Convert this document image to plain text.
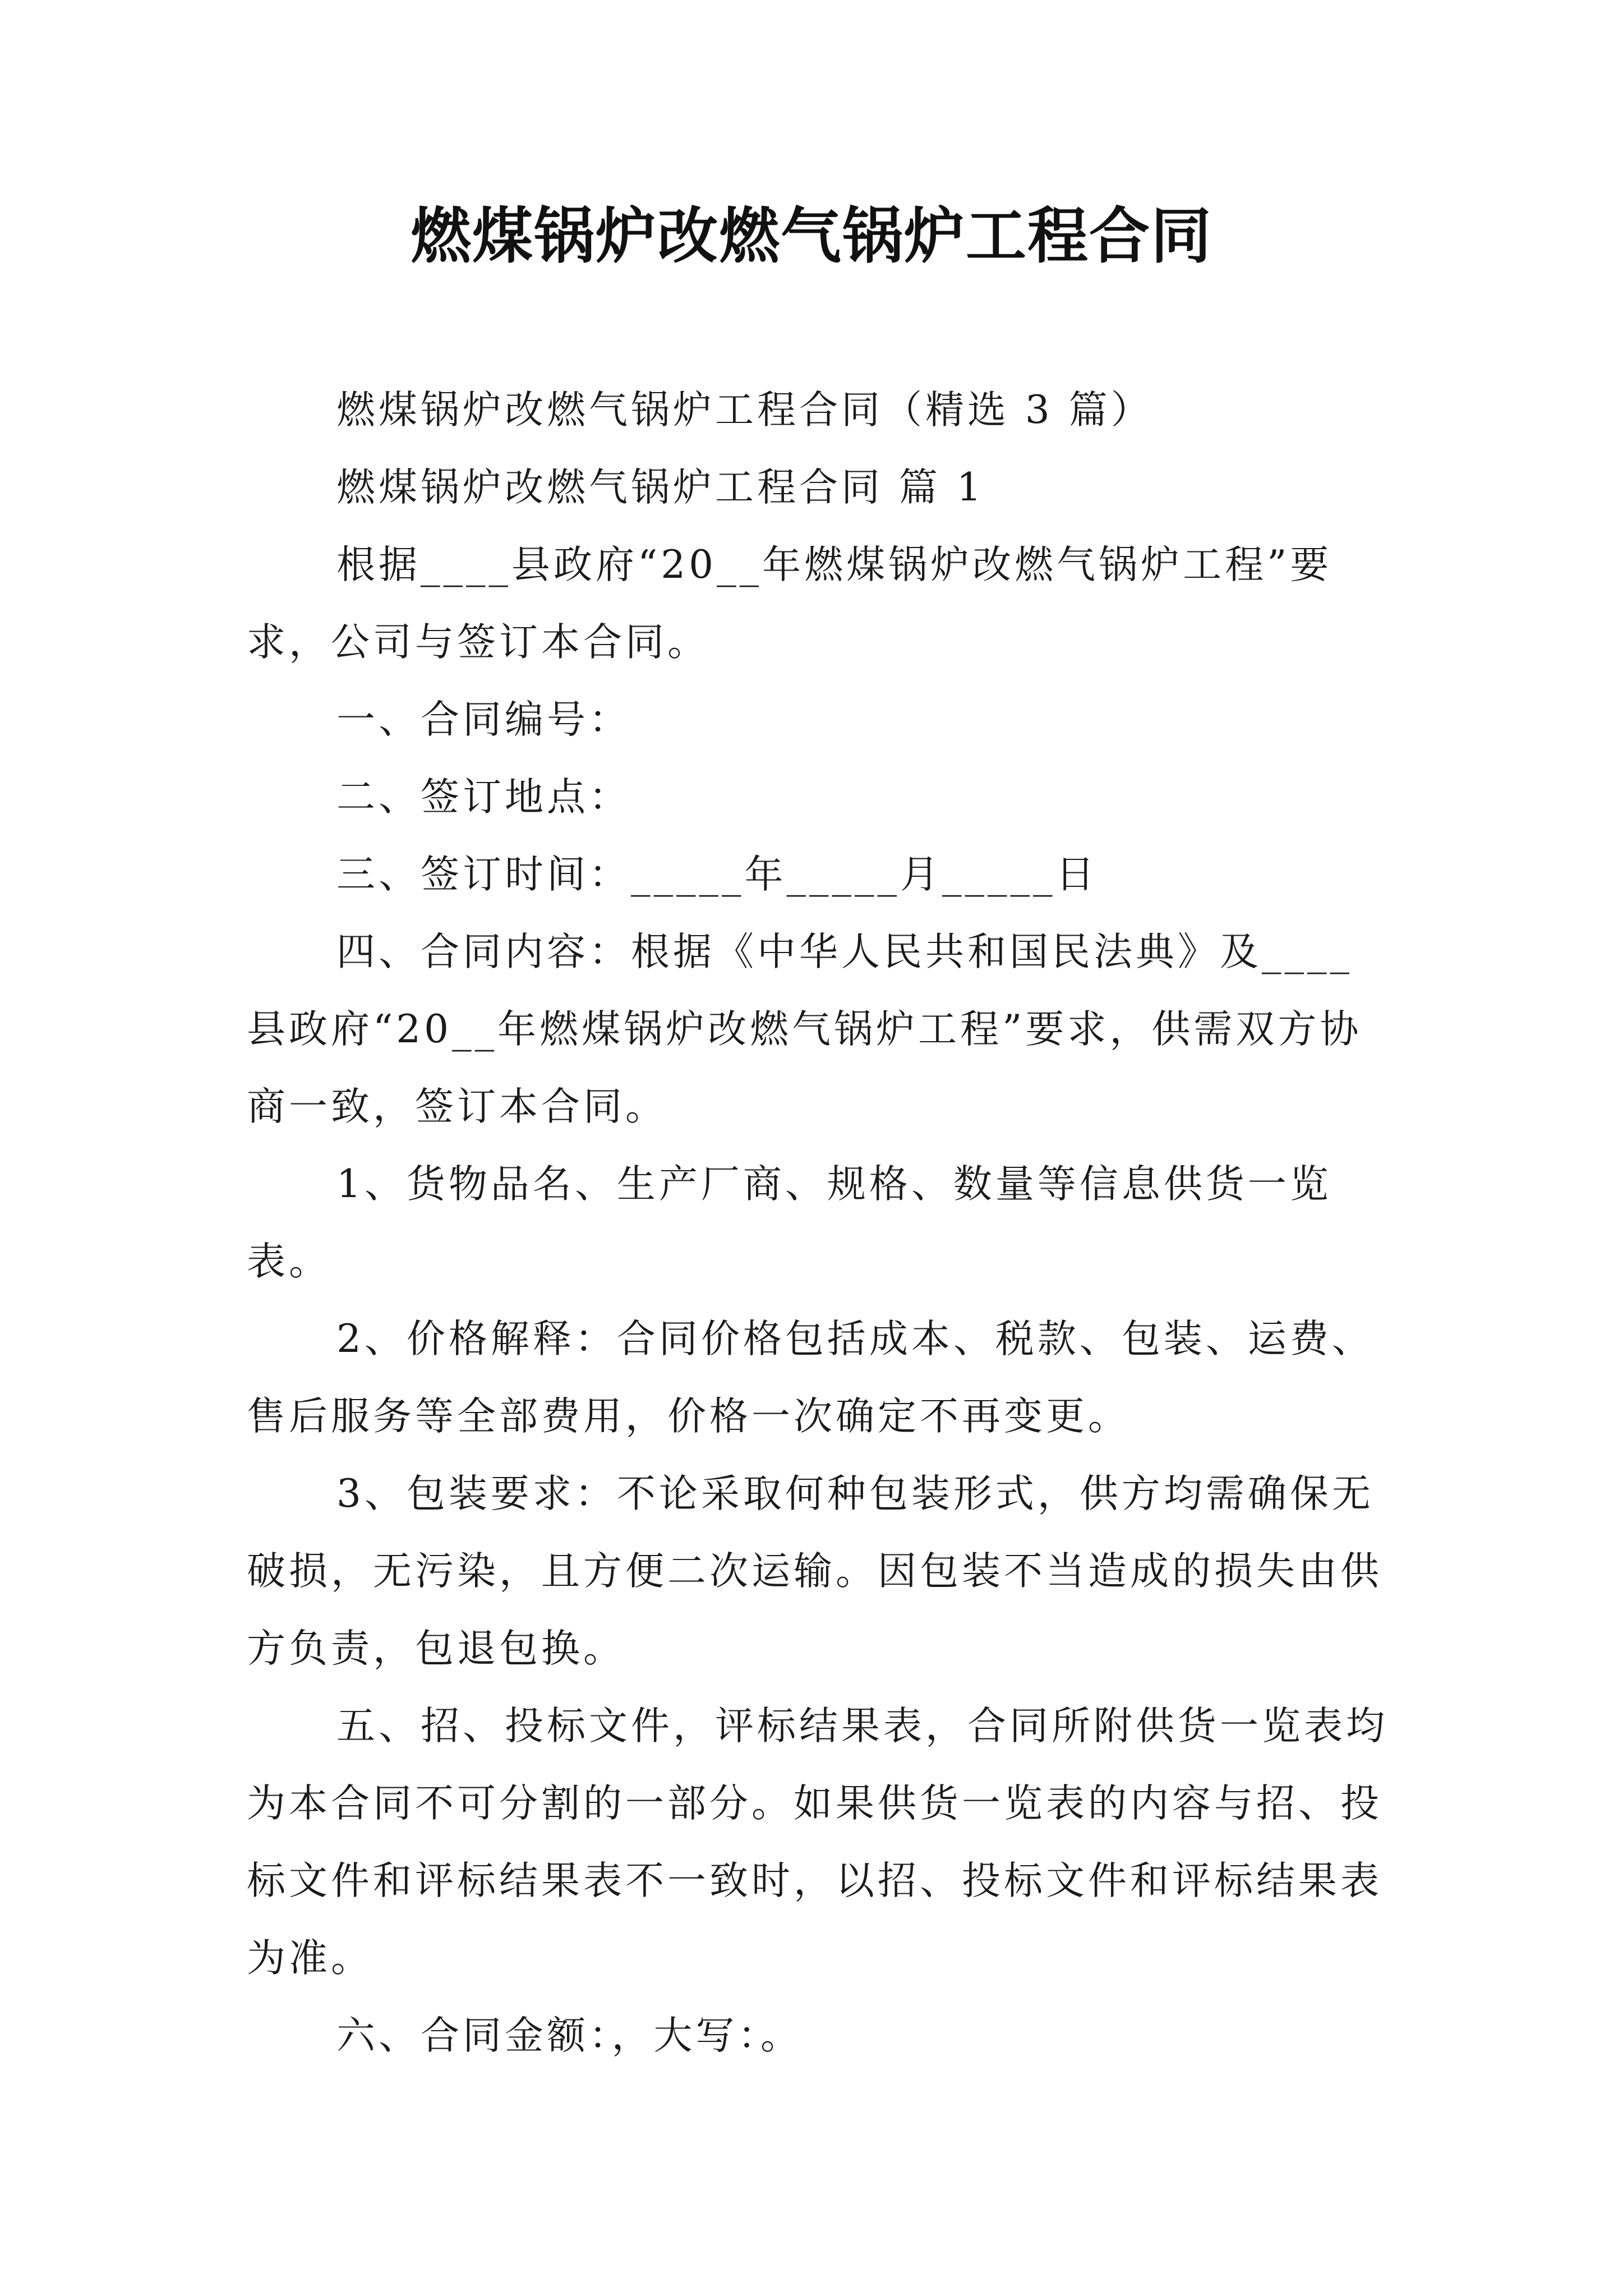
燃煤锅炉改燃气锅炉工程合同

燃煤锅炉改燃气锅炉工程合同（精选 3 篇）

燃煤锅炉改燃气锅炉工程合同 篇 1

根据____县政府“20__年燃煤锅炉改燃气锅炉工程”要求，公司与签订本合同。

一、合同编号：

二、签订地点：

三、签订时间：_____年_____月_____日

四、合同内容：根据《中华人民共和国民法典》及____县政府“20__年燃煤锅炉改燃气锅炉工程”要求，供需双方协商一致，签订本合同。

1、货物品名、生产厂商、规格、数量等信息供货一览表。

2、价格解释：合同价格包括成本、税款、包装、运费、售后服务等全部费用，价格一次确定不再变更。

3、包装要求：不论采取何种包装形式，供方均需确保无破损，无污染，且方便二次运输。因包装不当造成的损失由供方负责，包退包换。

五、招、投标文件，评标结果表，合同所附供货一览表均为本合同不可分割的一部分。如果供货一览表的内容与招、投标文件和评标结果表不一致时，以招、投标文件和评标结果表为准。

六、合同金额：，大写：。
